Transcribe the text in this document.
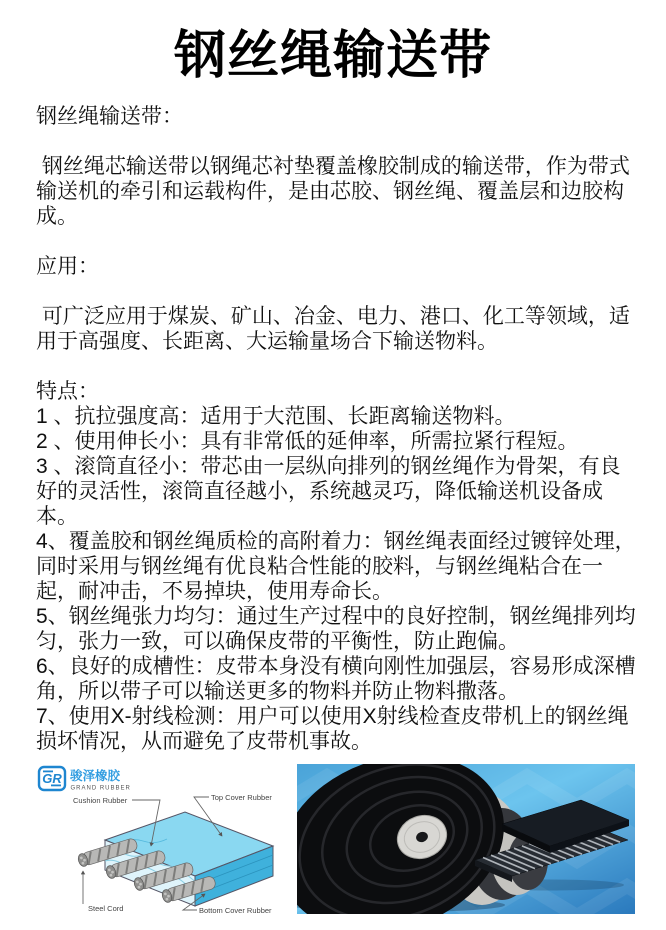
钢丝绳输送带

钢丝绳输送带：

钢丝绳芯输送带以钢绳芯衬垫覆盖橡胶制成的输送带，作为带式输送机的牵引和运载构件，是由芯胶、钢丝绳、覆盖层和边胶构成。

应用：

可广泛应用于煤炭、矿山、冶金、电力、港口、化工等领域，适用于高强度、长距离、大运输量场合下输送物料。

特点：

1 、抗拉强度高：适用于大范围、长距离输送物料。

2 、使用伸长小：具有非常低的延伸率，所需拉紧行程短。

3 、滚筒直径小：带芯由一层纵向排列的钢丝绳作为骨架，有良好的灵活性，滚筒直径越小，系统越灵巧，降低输送机设备成本。

4、覆盖胶和钢丝绳质检的高附着力：钢丝绳表面经过镀锌处理，同时采用与钢丝绳有优良粘合性能的胶料，与钢丝绳粘合在一起，耐冲击，不易掉块，使用寿命长。

5、钢丝绳张力均匀：通过生产过程中的良好控制，钢丝绳排列均匀，张力一致，可以确保皮带的平衡性，防止跑偏。

6、良好的成槽性：皮带本身没有横向刚性加强层，容易形成深槽角，所以带子可以输送更多的物料并防止物料撒落。

7、使用X-射线检测：用户可以使用X射线检查皮带机上的钢丝绳损坏情况，从而避免了皮带机事故。

GR 骏泽橡胶
GRAND RUBBER
Cushion Rubber	Top Cover Rubber
Steel Cord	Bottom Cover Rubber
